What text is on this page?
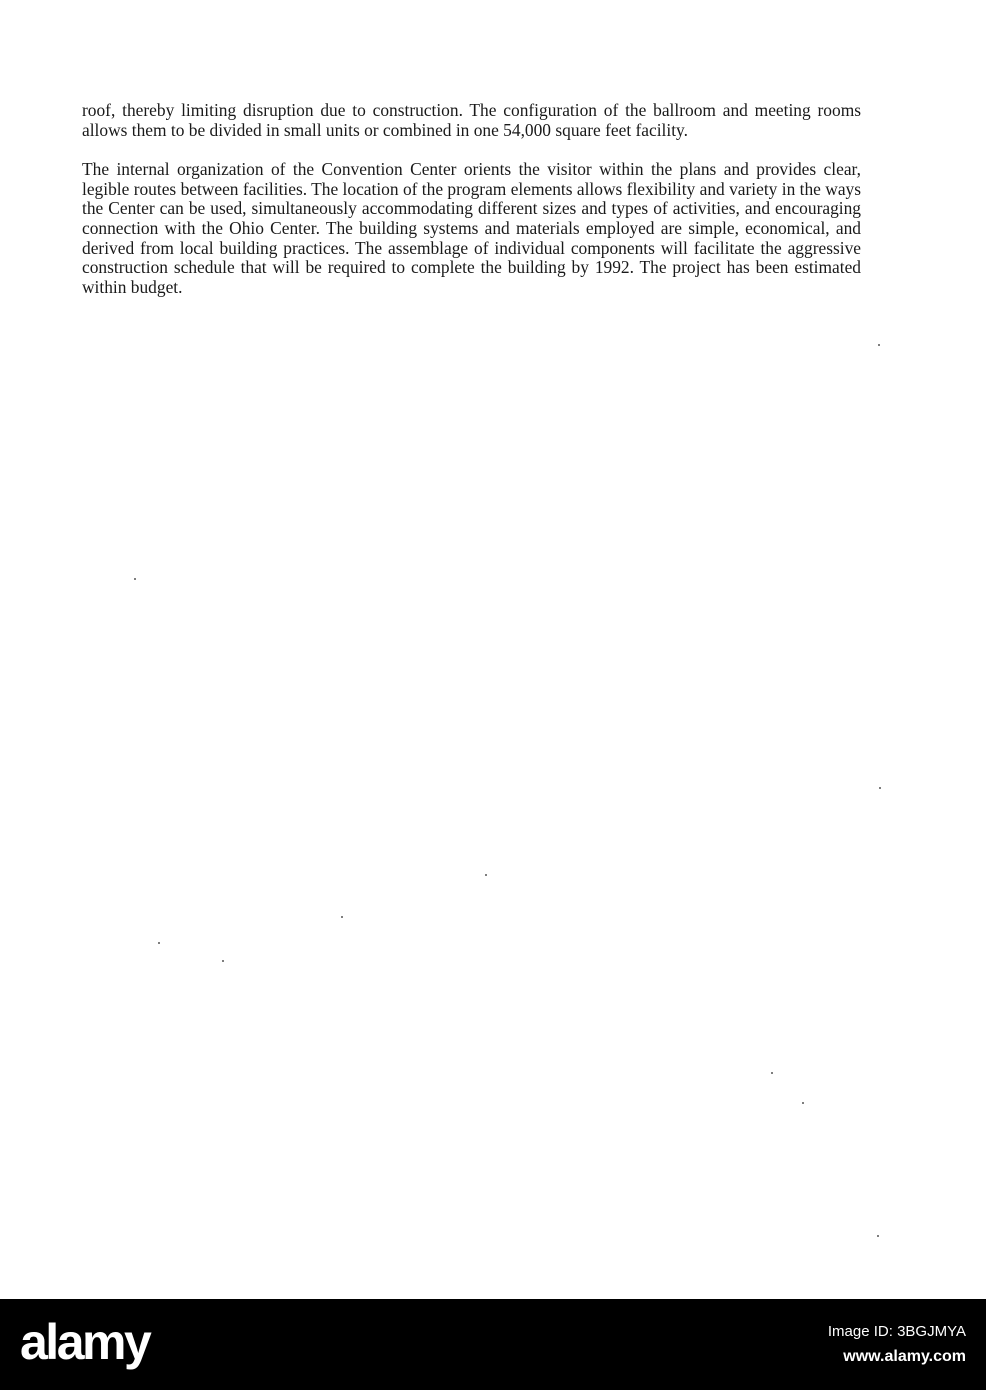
roof, thereby limiting disruption due to construction. The configuration of the ballroom and meeting rooms allows them to be divided in small units or combined in one 54,000 square feet facility.

The internal organization of the Convention Center orients the visitor within the plans and provides clear, legible routes between facilities. The location of the program elements allows flexibility and variety in the ways the Center can be used, simultaneously accommodating different sizes and types of activities, and encouraging connection with the Ohio Center. The building systems and materials employed are simple, economical, and derived from local building practices. The assemblage of individual components will facilitate the aggressive construction schedule that will be required to complete the building by 1992. The project has been estimated within budget.

alamy	Image ID: 3BGJMYA
www.alamy.com
